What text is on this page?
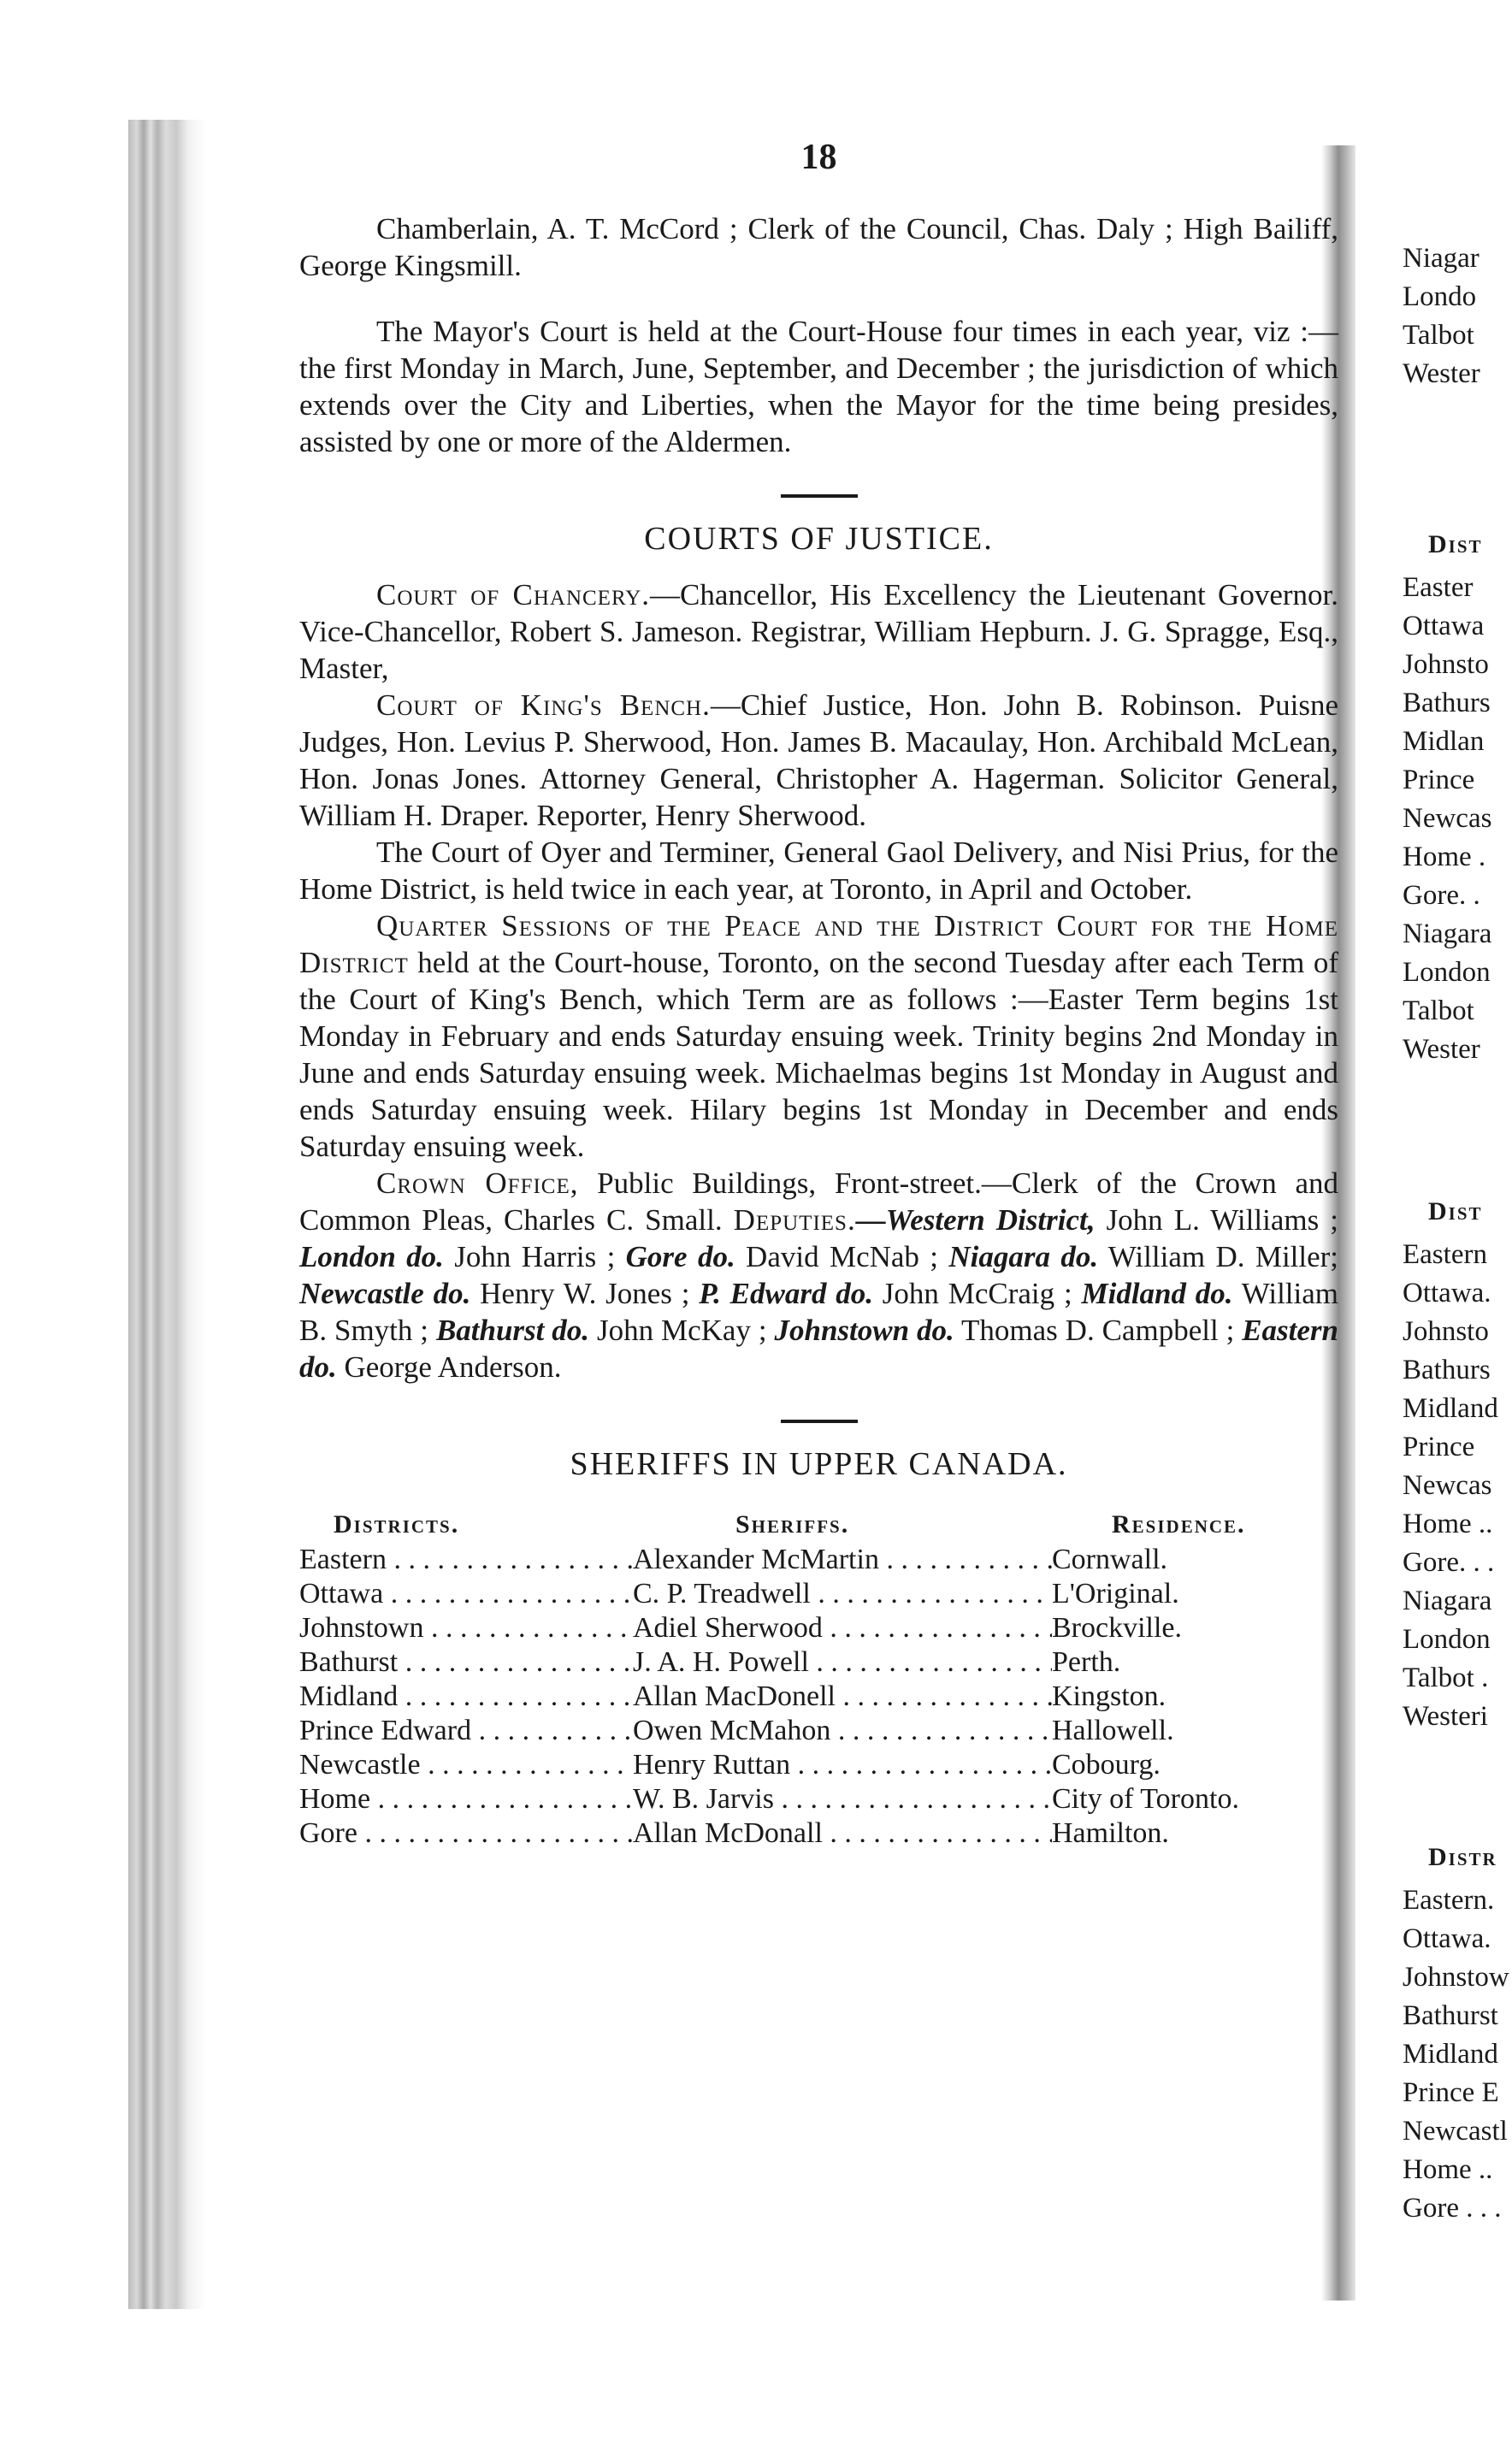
18

Chamberlain, A. T. McCord ; Clerk of the Council, Chas. Daly ; High Bailiff, George Kingsmill.

The Mayor's Court is held at the Court-House four times in each year, viz :—the first Monday in March, June, September, and December ; the jurisdiction of which extends over the City and Liberties, when the Mayor for the time being presides, assisted by one or more of the Aldermen.

COURTS OF JUSTICE.

Court of Chancery.—Chancellor, His Excellency the Lieutenant Governor. Vice-Chancellor, Robert S. Jameson. Registrar, William Hepburn. J. G. Spragge, Esq., Master,

Court of King's Bench.—Chief Justice, Hon. John B. Robinson. Puisne Judges, Hon. Levius P. Sherwood, Hon. James B. Macaulay, Hon. Archibald McLean, Hon. Jonas Jones. Attorney General, Christopher A. Hagerman. Solicitor General, William H. Draper. Reporter, Henry Sherwood.

The Court of Oyer and Terminer, General Gaol Delivery, and Nisi Prius, for the Home District, is held twice in each year, at Toronto, in April and October.

Quarter Sessions of the Peace and the District Court for the Home District held at the Court-house, Toronto, on the second Tuesday after each Term of the Court of King's Bench, which Term are as follows :—Easter Term begins 1st Monday in February and ends Saturday ensuing week. Trinity begins 2nd Monday in June and ends Saturday ensuing week. Michaelmas begins 1st Monday in August and ends Saturday ensuing week. Hilary begins 1st Monday in December and ends Saturday ensuing week.

Crown Office, Public Buildings, Front-street.—Clerk of the Crown and Common Pleas, Charles C. Small. Deputies.—Western District, John L. Williams ; London do. John Harris ; Gore do. David McNab ; Niagara do. William D. Miller; Newcastle do. Henry W. Jones ; P. Edward do. John McCraig ; Midland do. William B. Smyth ; Bathurst do. John McKay ; Johnstown do. Thomas D. Campbell ; Eastern do. George Anderson.

SHERIFFS IN UPPER CANADA.
Districts.	Sheriffs.	Residence.
Eastern . . .	Alexander McMartin . . .	Cornwall.
Ottawa . . .	C. P. Treadwell . . .	L'Original.
Johnstown . . .	Adiel Sherwood . . .	Brockville.
Bathurst . . .	J. A. H. Powell . . .	Perth.
Midland . . .	Allan MacDonell . . .	Kingston.
Prince Edward . . .	Owen McMahon . . .	Hallowell.
Newcastle . . .	Henry Ruttan . . .	Cobourg.
Home . . .	W. B. Jarvis . . .	City of Toronto.
Gore . . .	Allan McDonall . . .	Hamilton.
Niagar
Londo
Talbot
Wester
Dist
Easter
Ottawa
Johnsto
Bathurs
Midlan
Prince
Newcas
Home .
Gore. .
Niagara
London
Talbot
Wester
Dist
Eastern
Ottawa.
Johnsto
Bathurs
Midland
Prince
Newcas
Home ..
Gore. . .
Niagara
London
Talbot .
Westeri
Distr
Eastern.
Ottawa.
Johnstow
Bathurst
Midland
Prince E
Newcastl
Home ..
Gore . . .
